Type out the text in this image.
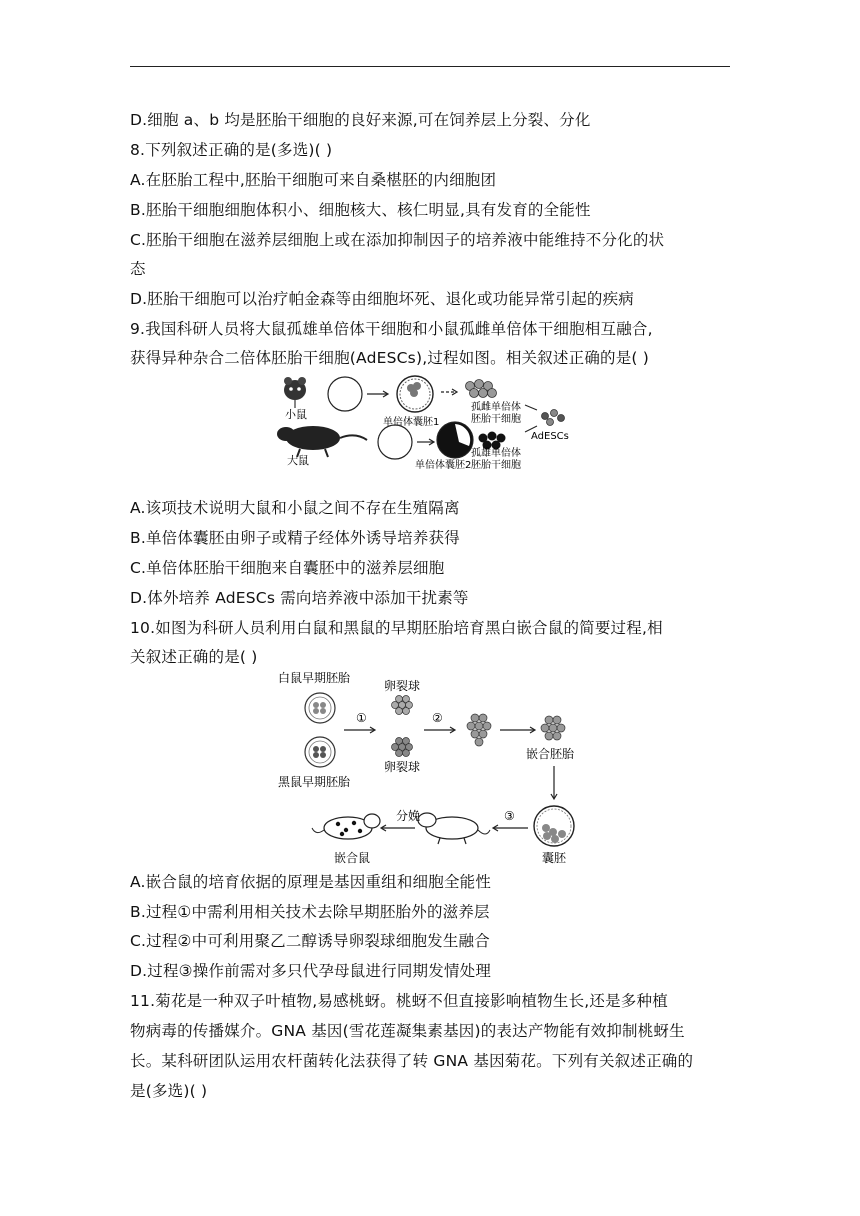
D.细胞 a、b 均是胚胎干细胞的良好来源,可在饲养层上分裂、分化
8.下列叙述正确的是(多选)( )
A.在胚胎工程中,胚胎干细胞可来自桑椹胚的内细胞团
B.胚胎干细胞细胞体积小、细胞核大、核仁明显,具有发育的全能性
C.胚胎干细胞在滋养层细胞上或在添加抑制因子的培养液中能维持不分化的状
态
D.胚胎干细胞可以治疗帕金森等由细胞坏死、退化或功能异常引起的疾病
9.我国科研人员将大鼠孤雄单倍体干细胞和小鼠孤雌单倍体干细胞相互融合,
获得异种杂合二倍体胚胎干细胞(AdESCs),过程如图。相关叙述正确的是( )
小鼠
单倍体囊胚1
孤雌单倍体
胚胎干细胞
AdESCs
大鼠	单倍体囊胚2
孤雄单倍体
胚胎干细胞
A.该项技术说明大鼠和小鼠之间不存在生殖隔离
B.单倍体囊胚由卵子或精子经体外诱导培养获得
C.单倍体胚胎干细胞来自囊胚中的滋养层细胞
D.体外培养 AdESCs 需向培养液中添加干扰素等
10.如图为科研人员利用白鼠和黑鼠的早期胚胎培育黑白嵌合鼠的简要过程,相
关叙述正确的是( )
白鼠早期胚胎
卵裂球
①	②
嵌合胚胎
卵裂球
黑鼠早期胚胎
囊胚
③
分娩
嵌合鼠
A.嵌合鼠的培育依据的原理是基因重组和细胞全能性
B.过程①中需利用相关技术去除早期胚胎外的滋养层
C.过程②中可利用聚乙二醇诱导卵裂球细胞发生融合
D.过程③操作前需对多只代孕母鼠进行同期发情处理
11.菊花是一种双子叶植物,易感桃蚜。桃蚜不但直接影响植物生长,还是多种植
物病毒的传播媒介。GNA 基因(雪花莲凝集素基因)的表达产物能有效抑制桃蚜生
长。某科研团队运用农杆菌转化法获得了转 GNA 基因菊花。下列有关叙述正确的
是(多选)( )
